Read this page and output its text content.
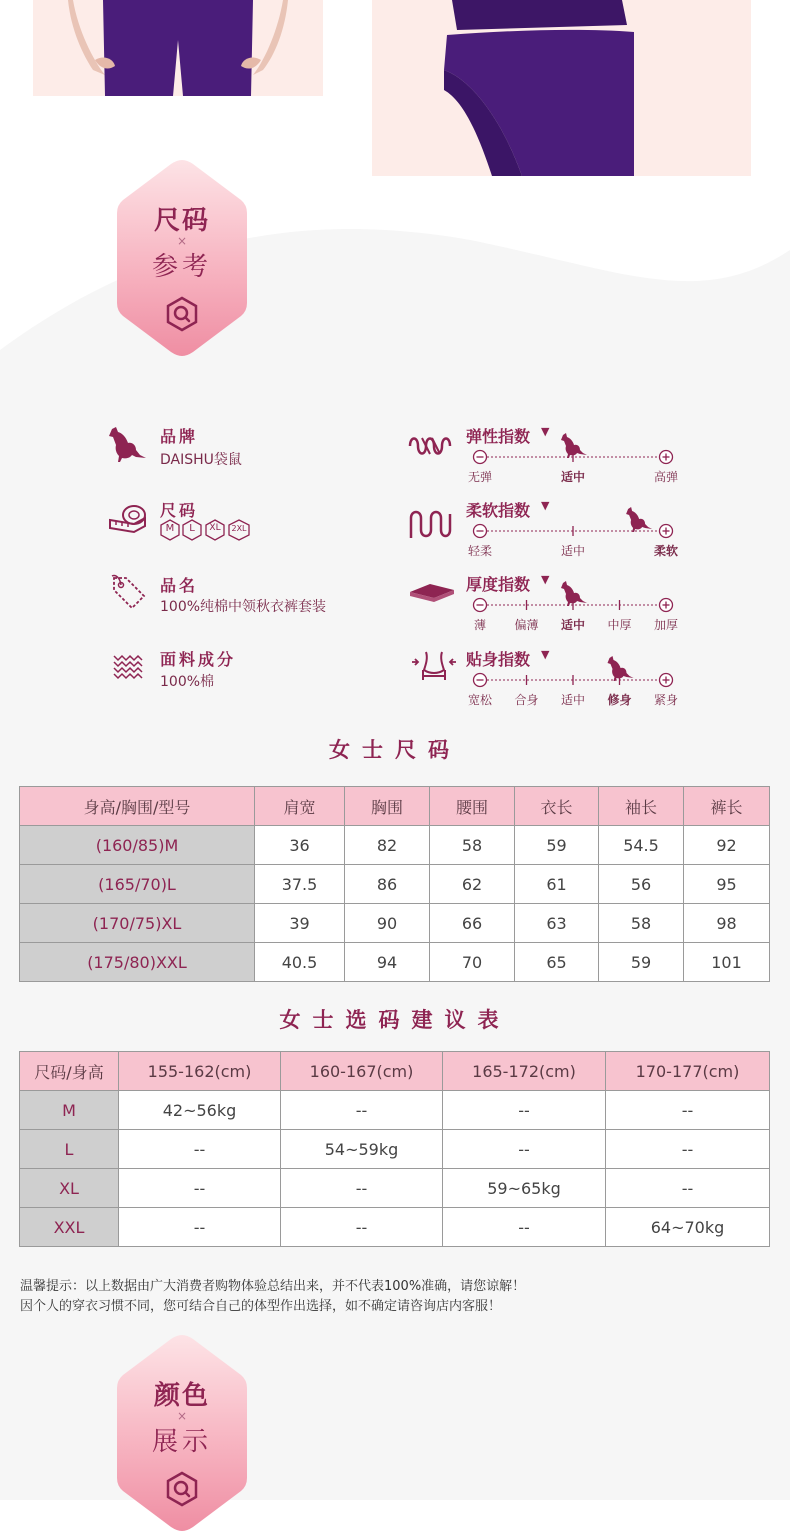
尺码
×
参考
品牌
DAISHU袋鼠
尺码
M	L	XL	2XL
品名
100%纯棉中领秋衣裤套装
面料成分
100%棉
弹性指数 ▼
柔软指数 ▼
厚度指数 ▼
贴身指数 ▼
无弹	适中	高弹
轻柔	适中	柔软
薄 偏薄 适中 中厚 加厚
宽松 合身 适中 修身 紧身
女士尺码
身高/胸围/型号	肩宽	胸围	腰围	衣长	袖长	裤长
(160/85)M	36	82	58	59	54.5	92
(165/70)L	37.5	86	62	61	56	95
(170/75)XL	39	90	66	63	58	98
(175/80)XXL	40.5	94	70	65	59	101
女士选码建议表
尺码/身高	155-162(cm)	160-167(cm)	165-172(cm)	170-177(cm)
M	42~56kg	--	--	--
L	--	54~59kg	--	--
XL	--	--	59~65kg	--
XXL	--	--	--	64~70kg
温馨提示：以上数据由广大消费者购物体验总结出来，并不代表100%准确，请您谅解！
因个人的穿衣习惯不同，您可结合自己的体型作出选择，如不确定请咨询店内客服！
颜色
×
展示
